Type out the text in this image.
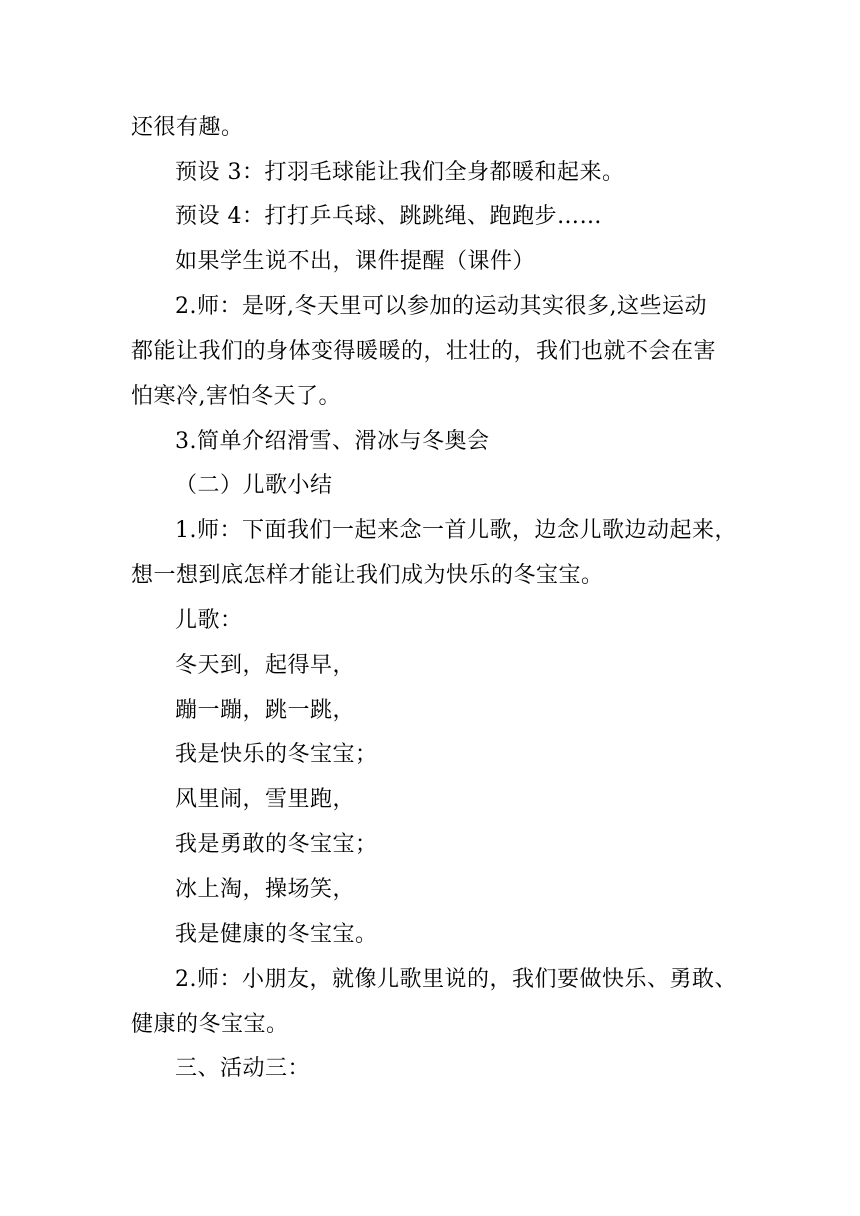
还很有趣。
预设 3：打羽毛球能让我们全身都暖和起来。
预设 4：打打乒乓球、跳跳绳、跑跑步……
如果学生说不出，课件提醒（课件）
2.师：是呀,冬天里可以参加的运动其实很多,这些运动
都能让我们的身体变得暖暖的，壮壮的，我们也就不会在害
怕寒冷,害怕冬天了。
3.简单介绍滑雪、滑冰与冬奥会
（二）儿歌小结
1.师：下面我们一起来念一首儿歌，边念儿歌边动起来，
想一想到底怎样才能让我们成为快乐的冬宝宝。
儿歌：
冬天到，起得早，
蹦一蹦，跳一跳，
我是快乐的冬宝宝；
风里闹，雪里跑，
我是勇敢的冬宝宝；
冰上淘，操场笑，
我是健康的冬宝宝。
2.师：小朋友，就像儿歌里说的，我们要做快乐、勇敢、
健康的冬宝宝。
三、活动三：
